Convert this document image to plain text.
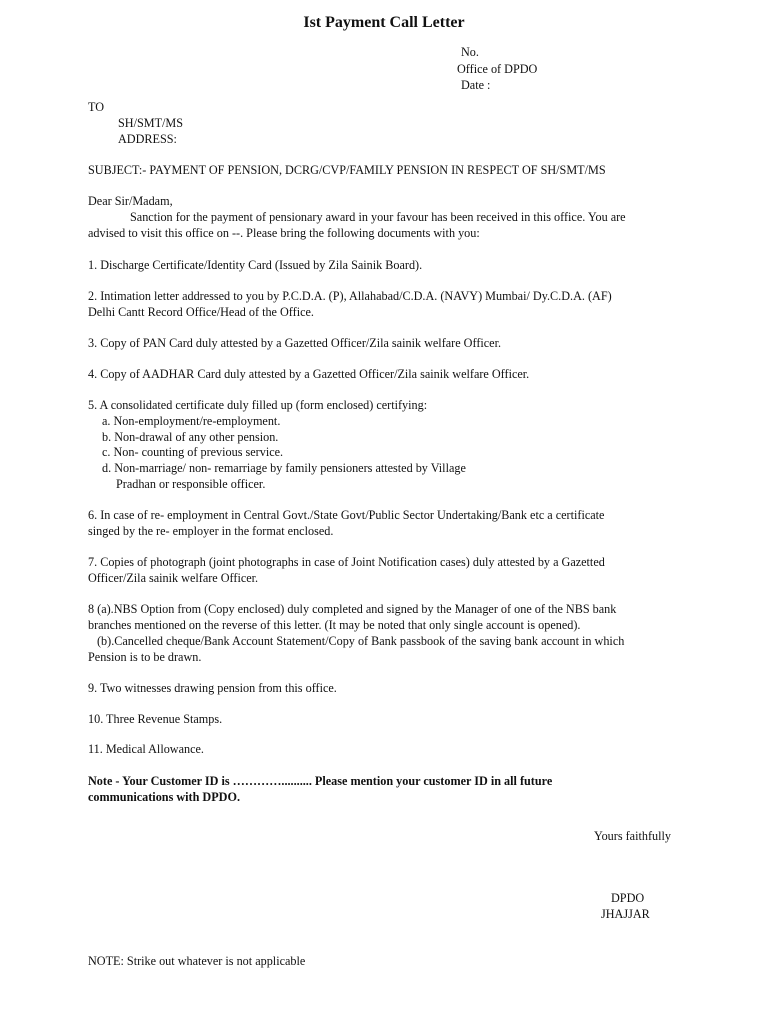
Ist Payment Call Letter
No.
Office of DPDO
Date :
TO
SH/SMT/MS
ADDRESS:
SUBJECT:- PAYMENT OF PENSION, DCRG/CVP/FAMILY PENSION IN RESPECT OF SH/SMT/MS
Dear Sir/Madam,
Sanction for the payment of pensionary award in your favour has been received in this office. You are
advised to visit this office on --. Please bring the following documents with you:
1. Discharge Certificate/Identity Card (Issued by Zila Sainik Board).
2. Intimation letter addressed to you by P.C.D.A. (P), Allahabad/C.D.A. (NAVY) Mumbai/ Dy.C.D.A. (AF)
Delhi Cantt Record Office/Head of the Office.
3. Copy of PAN Card duly attested by a Gazetted Officer/Zila sainik welfare Officer.
4. Copy of AADHAR Card duly attested by a Gazetted Officer/Zila sainik welfare Officer.
5. A consolidated certificate duly filled up (form enclosed) certifying:
a. Non-employment/re-employment.
b. Non-drawal of any other pension.
c. Non- counting of previous service.
d. Non-marriage/ non- remarriage by family pensioners attested by Village
Pradhan or responsible officer.
6. In case of re- employment in Central Govt./State Govt/Public Sector Undertaking/Bank etc a certificate
singed by the re- employer in the format enclosed.
7. Copies of photograph (joint photographs in case of Joint Notification cases) duly attested by a Gazetted
Officer/Zila sainik welfare Officer.
8 (a).NBS Option from (Copy enclosed) duly completed and signed by the Manager of one of the NBS bank
branches mentioned on the reverse of this letter. (It may be noted that only single account is opened).
(b).Cancelled cheque/Bank Account Statement/Copy of Bank passbook of the saving bank account in which
Pension is to be drawn.
9. Two witnesses drawing pension from this office.
10. Three Revenue Stamps.
11. Medical Allowance.
Note - Your Customer ID is ………….......... Please mention your customer ID in all future
communications with DPDO.
Yours faithfully
DPDO
JHAJJAR
NOTE: Strike out whatever is not applicable
